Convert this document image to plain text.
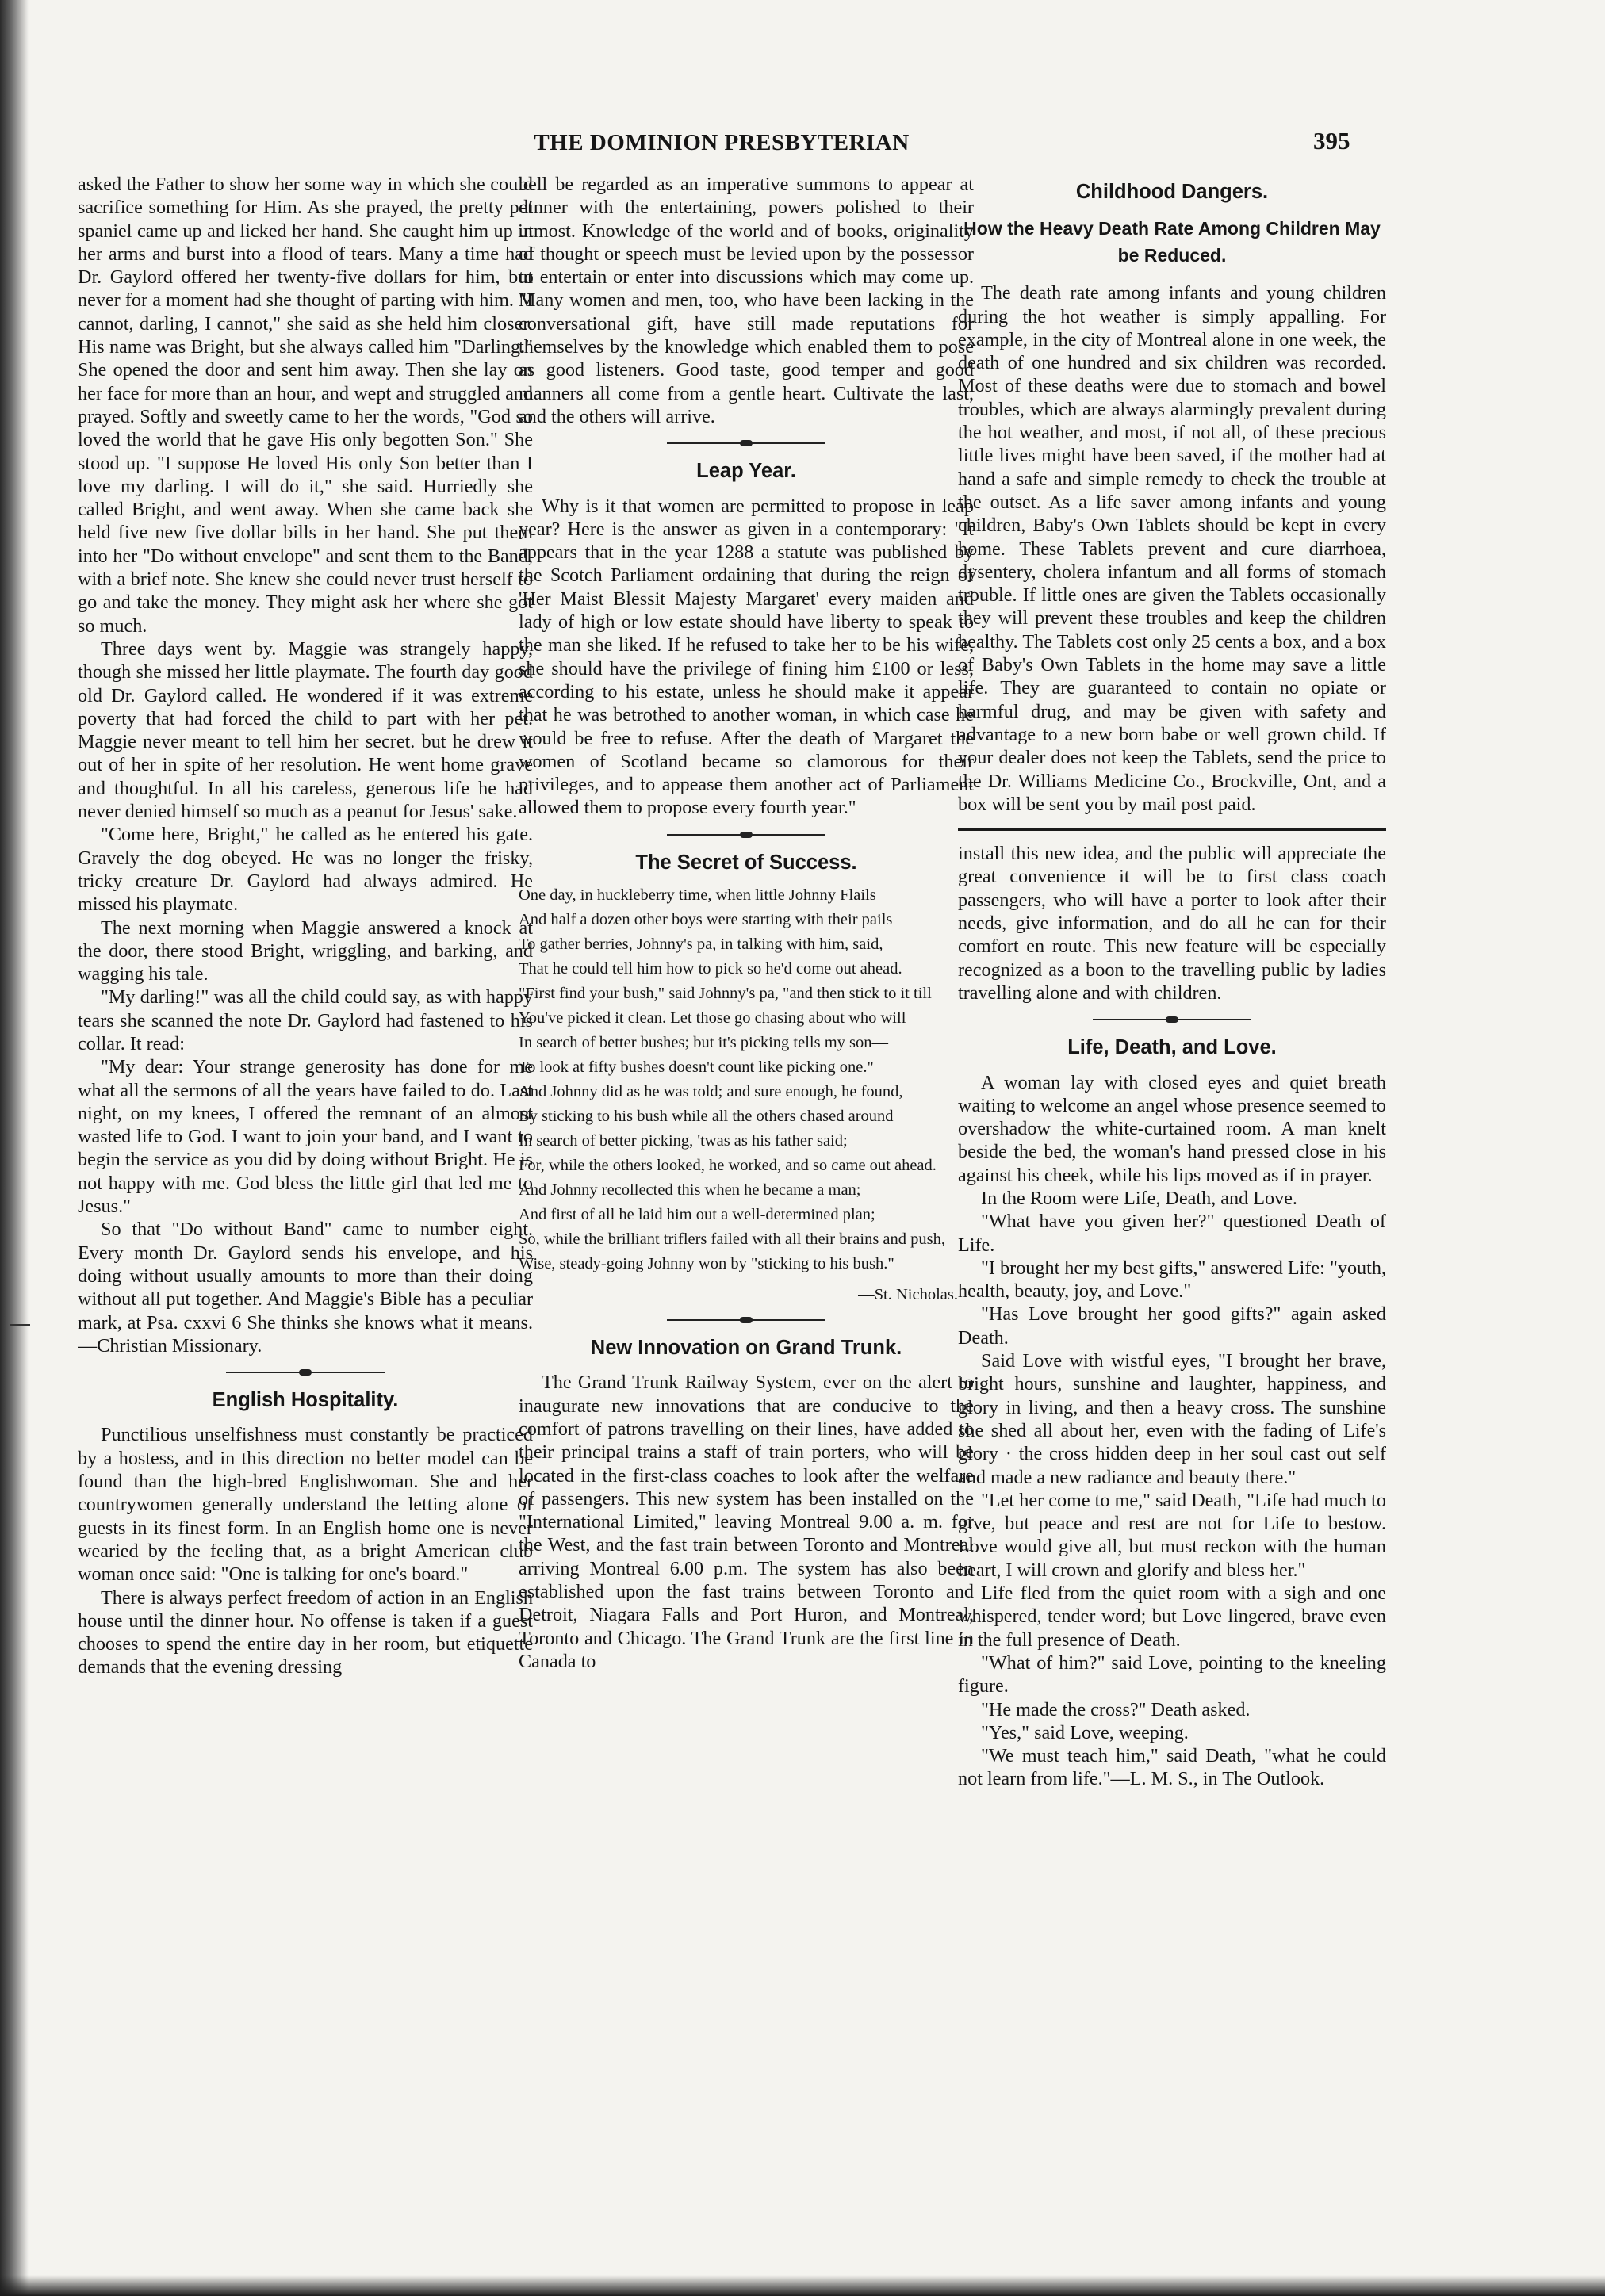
THE DOMINION PRESBYTERIAN	395

asked the Father to show her some way in which she could sacrifice something for Him. As she prayed, the pretty pet spaniel came up and licked her hand. She caught him up in her arms and burst into a flood of tears. Many a time had Dr. Gaylord offered her twenty-five dollars for him, but never for a moment had she thought of parting with him. "I cannot, darling, I cannot," she said as she held him closer. His name was Bright, but she always called him "Darling." She opened the door and sent him away. Then she lay on her face for more than an hour, and wept and struggled and prayed. Softly and sweetly came to her the words, "God so loved the world that he gave His only begotten Son." She stood up. "I suppose He loved His only Son better than I love my darling. I will do it," she said. Hurriedly she called Bright, and went away. When she came back she held five new five dollar bills in her hand. She put them into her "Do without envelope" and sent them to the Band, with a brief note. She knew she could never trust herself to go and take the money. They might ask her where she got so much.

Three days went by. Maggie was strangely happy, though she missed her little playmate. The fourth day good old Dr. Gaylord called. He wondered if it was extreme poverty that had forced the child to part with her pet. Maggie never meant to tell him her secret. but he drew it out of her in spite of her resolution. He went home grave and thoughtful. In all his careless, generous life he had never denied himself so much as a peanut for Jesus' sake.

"Come here, Bright," he called as he entered his gate. Gravely the dog obeyed. He was no longer the frisky, tricky creature Dr. Gaylord had always admired. He missed his playmate.

The next morning when Maggie answered a knock at the door, there stood Bright, wriggling, and barking, and wagging his tale.

"My darling!" was all the child could say, as with happy tears she scanned the note Dr. Gaylord had fastened to his collar. It read:

"My dear: Your strange generosity has done for me what all the sermons of all the years have failed to do. Last night, on my knees, I offered the remnant of an almost wasted life to God. I want to join your band, and I want to begin the service as you did by doing without Bright. He is not happy with me. God bless the little girl that led me to Jesus."

So that "Do without Band" came to number eight. Every month Dr. Gaylord sends his envelope, and his doing without usually amounts to more than their doing without all put together. And Maggie's Bible has a peculiar mark, at Psa. cxxvi 6 She thinks she knows what it means.—Christian Missionary.

English Hospitality.

Punctilious unselfishness must constantly be practiced by a hostess, and in this direction no better model can be found than the high-bred Englishwoman. She and her countrywomen generally understand the letting alone of guests in its finest form. In an English home one is never wearied by the feeling that, as a bright American club woman once said: "One is talking for one's board."

There is always perfect freedom of action in an English house until the dinner hour. No offense is taken if a guest chooses to spend the entire day in her room, but etiquette demands that the evening dressing

bell be regarded as an imperative summons to appear at dinner with the entertaining, powers polished to their utmost. Knowledge of the world and of books, originality of thought or speech must be levied upon by the possessor to entertain or enter into discussions which may come up. Many women and men, too, who have been lacking in the conversational gift, have still made reputations for themselves by the knowledge which enabled them to pose as good listeners. Good taste, good temper and good manners all come from a gentle heart. Cultivate the last, and the others will arrive.

Leap Year.

Why is it that women are permitted to propose in leap year? Here is the answer as given in a contemporary: "It appears that in the year 1288 a statute was published by the Scotch Parliament ordaining that during the reign of 'Her Maist Blessit Majesty Margaret' every maiden and lady of high or low estate should have liberty to speak to the man she liked. If he refused to take her to be his wife, she should have the privilege of fining him £100 or less, according to his estate, unless he should make it appear that he was betrothed to another woman, in which case he would be free to refuse. After the death of Margaret the women of Scotland became so clamorous for their privileges, and to appease them another act of Parliament allowed them to propose every fourth year."

The Secret of Success.
One day, in huckleberry time, when little Johnny Flails
And half a dozen other boys were starting with their pails
To gather berries, Johnny's pa, in talking with him, said,
That he could tell him how to pick so he'd come out ahead.
"First find your bush," said Johnny's pa, "and then stick to it till
You've picked it clean. Let those go chasing about who will
In search of better bushes; but it's picking tells my son—
To look at fifty bushes doesn't count like picking one."
And Johnny did as he was told; and sure enough, he found,
By sticking to his bush while all the others chased around
In search of better picking, 'twas as his father said;
For, while the others looked, he worked, and so came out ahead.
And Johnny recollected this when he became a man;
And first of all he laid him out a well-determined plan;
So, while the brilliant triflers failed with all their brains and push,
Wise, steady-going Johnny won by "sticking to his bush."
—St. Nicholas.
New Innovation on Grand Trunk.

The Grand Trunk Railway System, ever on the alert to inaugurate new innovations that are conducive to the comfort of patrons travelling on their lines, have added to their principal trains a staff of train porters, who will be located in the first-class coaches to look after the welfare of passengers. This new system has been installed on the "International Limited," leaving Montreal 9.00 a. m. for the West, and the fast train between Toronto and Montreal arriving Montreal 6.00 p.m. The system has also been established upon the fast trains between Toronto and Detroit, Niagara Falls and Port Huron, and Montreal, Toronto and Chicago. The Grand Trunk are the first line in Canada to

Childhood Dangers.
How the Heavy Death Rate Among Children May be Reduced.

The death rate among infants and young children during the hot weather is simply appalling. For example, in the city of Montreal alone in one week, the death of one hundred and six children was recorded. Most of these deaths were due to stomach and bowel troubles, which are always alarmingly prevalent during the hot weather, and most, if not all, of these precious little lives might have been saved, if the mother had at hand a safe and simple remedy to check the trouble at the outset. As a life saver among infants and young children, Baby's Own Tablets should be kept in every home. These Tablets prevent and cure diarrhoea, dysentery, cholera infantum and all forms of stomach trouble. If little ones are given the Tablets occasionally they will prevent these troubles and keep the children healthy. The Tablets cost only 25 cents a box, and a box of Baby's Own Tablets in the home may save a little life. They are guaranteed to contain no opiate or harmful drug, and may be given with safety and advantage to a new born babe or well grown child. If your dealer does not keep the Tablets, send the price to the Dr. Williams Medicine Co., Brockville, Ont, and a box will be sent you by mail post paid.

install this new idea, and the public will appreciate the great convenience it will be to first class coach passengers, who will have a porter to look after their needs, give information, and do all he can for their comfort en route. This new feature will be especially recognized as a boon to the travelling public by ladies travelling alone and with children.

Life, Death, and Love.

A woman lay with closed eyes and quiet breath waiting to welcome an angel whose presence seemed to overshadow the white-curtained room. A man knelt beside the bed, the woman's hand pressed close in his against his cheek, while his lips moved as if in prayer.

In the Room were Life, Death, and Love.

"What have you given her?" questioned Death of Life.

"I brought her my best gifts," answered Life: "youth, health, beauty, joy, and Love."

"Has Love brought her good gifts?" again asked Death.

Said Love with wistful eyes, "I brought her brave, bright hours, sunshine and laughter, happiness, and glory in living, and then a heavy cross. The sunshine she shed all about her, even with the fading of Life's glory · the cross hidden deep in her soul cast out self and made a new radiance and beauty there."

"Let her come to me," said Death, "Life had much to give, but peace and rest are not for Life to bestow. Love would give all, but must reckon with the human heart, I will crown and glorify and bless her."

Life fled from the quiet room with a sigh and one whispered, tender word; but Love lingered, brave even in the full presence of Death.

"What of him?" said Love, pointing to the kneeling figure.

"He made the cross?" Death asked.

"Yes," said Love, weeping.

"We must teach him," said Death, "what he could not learn from life."—L. M. S., in The Outlook.
